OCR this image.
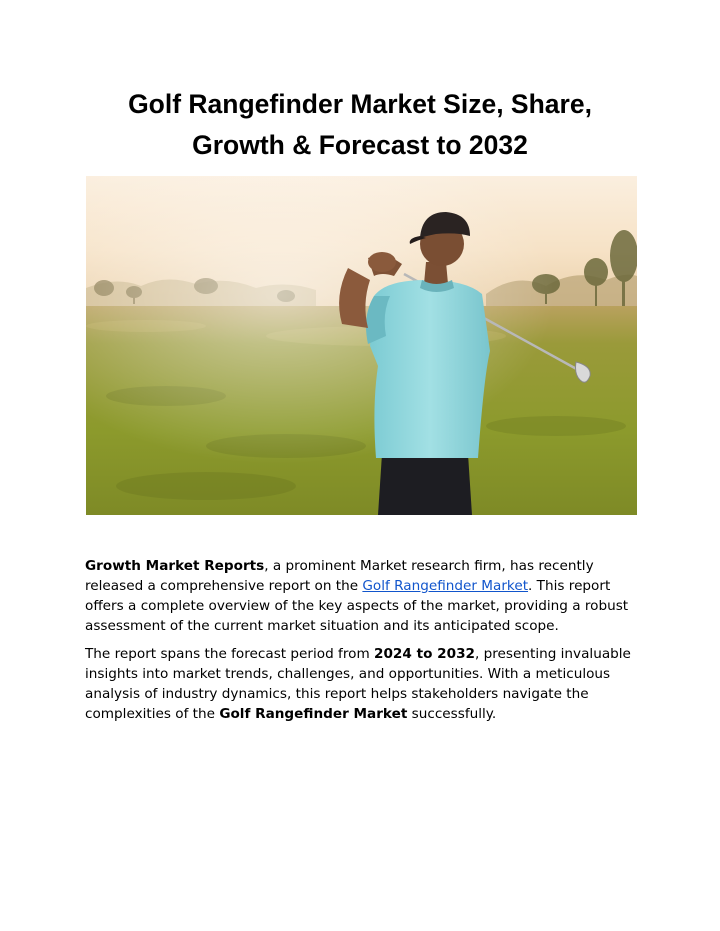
Golf Rangefinder Market Size, Share,
Growth & Forecast to 2032

Growth Market Reports, a prominent Market research firm, has recently released a comprehensive report on the Golf Rangefinder Market. This report offers a complete overview of the key aspects of the market, providing a robust assessment of the current market situation and its anticipated scope.

The report spans the forecast period from 2024 to 2032, presenting invaluable insights into market trends, challenges, and opportunities. With a meticulous analysis of industry dynamics, this report helps stakeholders navigate the complexities of the Golf Rangefinder Market successfully.
